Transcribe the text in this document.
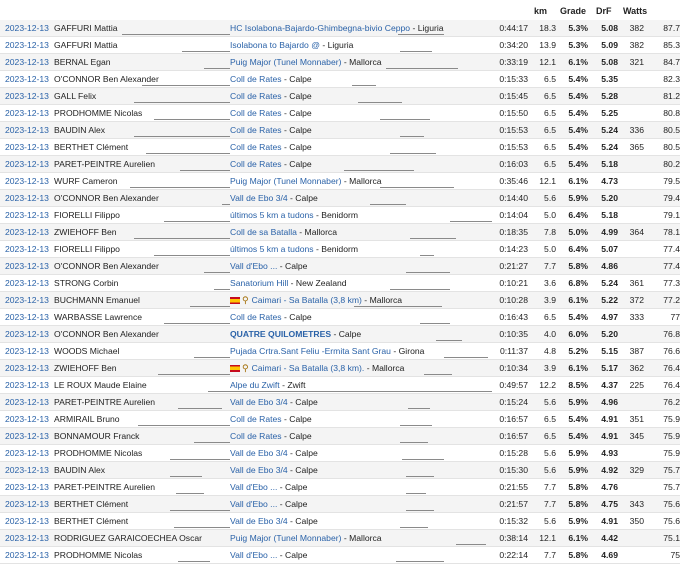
km Grade DrF Watts
2023-12-13	GAFFURI Mattia	HC Isolabona-Bajardo-Ghimbegna-bivio Ceppo - Liguria	0:44:17	18.3	5.3%	5.08	382	87.7
2023-12-13	GAFFURI Mattia	Isolabona to Bajardo @ - Liguria	0:34:20	13.9	5.3%	5.09	382	85.3
2023-12-13	BERNAL Egan	Puig Major (Tunel Monnaber) - Mallorca	0:33:19	12.1	6.1%	5.08	321	84.7
2023-12-13	O'CONNOR Ben Alexander	Coll de Rates - Calpe	0:15:33	6.5	5.4%	5.35		82.3
2023-12-13	GALL Felix	Coll de Rates - Calpe	0:15:45	6.5	5.4%	5.28		81.2
2023-12-13	PRODHOMME Nicolas	Coll de Rates - Calpe	0:15:50	6.5	5.4%	5.25		80.8
2023-12-13	BAUDIN Alex	Coll de Rates - Calpe	0:15:53	6.5	5.4%	5.24	336	80.5
2023-12-13	BERTHET Clément	Coll de Rates - Calpe	0:15:53	6.5	5.4%	5.24	365	80.5
2023-12-13	PARET-PEINTRE Aurelien	Coll de Rates - Calpe	0:16:03	6.5	5.4%	5.18		80.2
2023-12-13	WURF Cameron	Puig Major (Tunel Monnaber) - Mallorca	0:35:46	12.1	6.1%	4.73		79.5
2023-12-13	O'CONNOR Ben Alexander	Vall de Ebo 3/4 - Calpe	0:14:40	5.6	5.9%	5.20		79.4
2023-12-13	FIORELLI Filippo	últimos 5 km a tudons - Benidorm	0:14:04	5.0	6.4%	5.18		79.1
2023-12-13	ZWIEHOFF Ben	Coll de sa Batalla - Mallorca	0:18:35	7.8	5.0%	4.99	364	78.1
2023-12-13	FIORELLI Filippo	últimos 5 km a tudons - Benidorm	0:14:23	5.0	6.4%	5.07		77.4
2023-12-13	O'CONNOR Ben Alexander	Vall d'Ebo ... - Calpe	0:21:27	7.7	5.8%	4.86		77.4
2023-12-13	STRONG Corbin	Sanatorium Hill - New Zealand	0:10:21	3.6	6.8%	5.24	361	77.3
2023-12-13	BUCHMANN Emanuel	⚲ Caimari - Sa Batalla (3,8 km) - Mallorca	0:10:28	3.9	6.1%	5.22	372	77.2
2023-12-13	WARBASSE Lawrence	Coll de Rates - Calpe	0:16:43	6.5	5.4%	4.97	333	77
2023-12-13	O'CONNOR Ben Alexander	QUATRE QUILOMETRES - Calpe	0:10:35	4.0	6.0%	5.20		76.8
2023-12-13	WOODS Michael	Pujada Crtra.Sant Feliu -Ermita Sant Grau - Girona	0:11:37	4.8	5.2%	5.15	387	76.6
2023-12-13	ZWIEHOFF Ben	⚲ Caimari - Sa Batalla (3,8 km). - Mallorca	0:10:34	3.9	6.1%	5.17	362	76.4
2023-12-13	LE ROUX Maude Elaine	Alpe du Zwift - Zwift	0:49:57	12.2	8.5%	4.37	225	76.4
2023-12-13	PARET-PEINTRE Aurelien	Vall de Ebo 3/4 - Calpe	0:15:24	5.6	5.9%	4.96		76.2
2023-12-13	ARMIRAIL Bruno	Coll de Rates - Calpe	0:16:57	6.5	5.4%	4.91	351	75.9
2023-12-13	BONNAMOUR Franck	Coll de Rates - Calpe	0:16:57	6.5	5.4%	4.91	345	75.9
2023-12-13	PRODHOMME Nicolas	Vall de Ebo 3/4 - Calpe	0:15:28	5.6	5.9%	4.93		75.9
2023-12-13	BAUDIN Alex	Vall de Ebo 3/4 - Calpe	0:15:30	5.6	5.9%	4.92	329	75.7
2023-12-13	PARET-PEINTRE Aurelien	Vall d'Ebo ... - Calpe	0:21:55	7.7	5.8%	4.76		75.7
2023-12-13	BERTHET Clément	Vall d'Ebo ... - Calpe	0:21:57	7.7	5.8%	4.75	343	75.6
2023-12-13	BERTHET Clément	Vall de Ebo 3/4 - Calpe	0:15:32	5.6	5.9%	4.91	350	75.6
2023-12-13	RODRIGUEZ GARAICOECHEA Oscar	Puig Major (Tunel Monnaber) - Mallorca	0:38:14	12.1	6.1%	4.42		75.1
2023-12-13	PRODHOMME Nicolas	Vall d'Ebo ... - Calpe	0:22:14	7.7	5.8%	4.69		75
